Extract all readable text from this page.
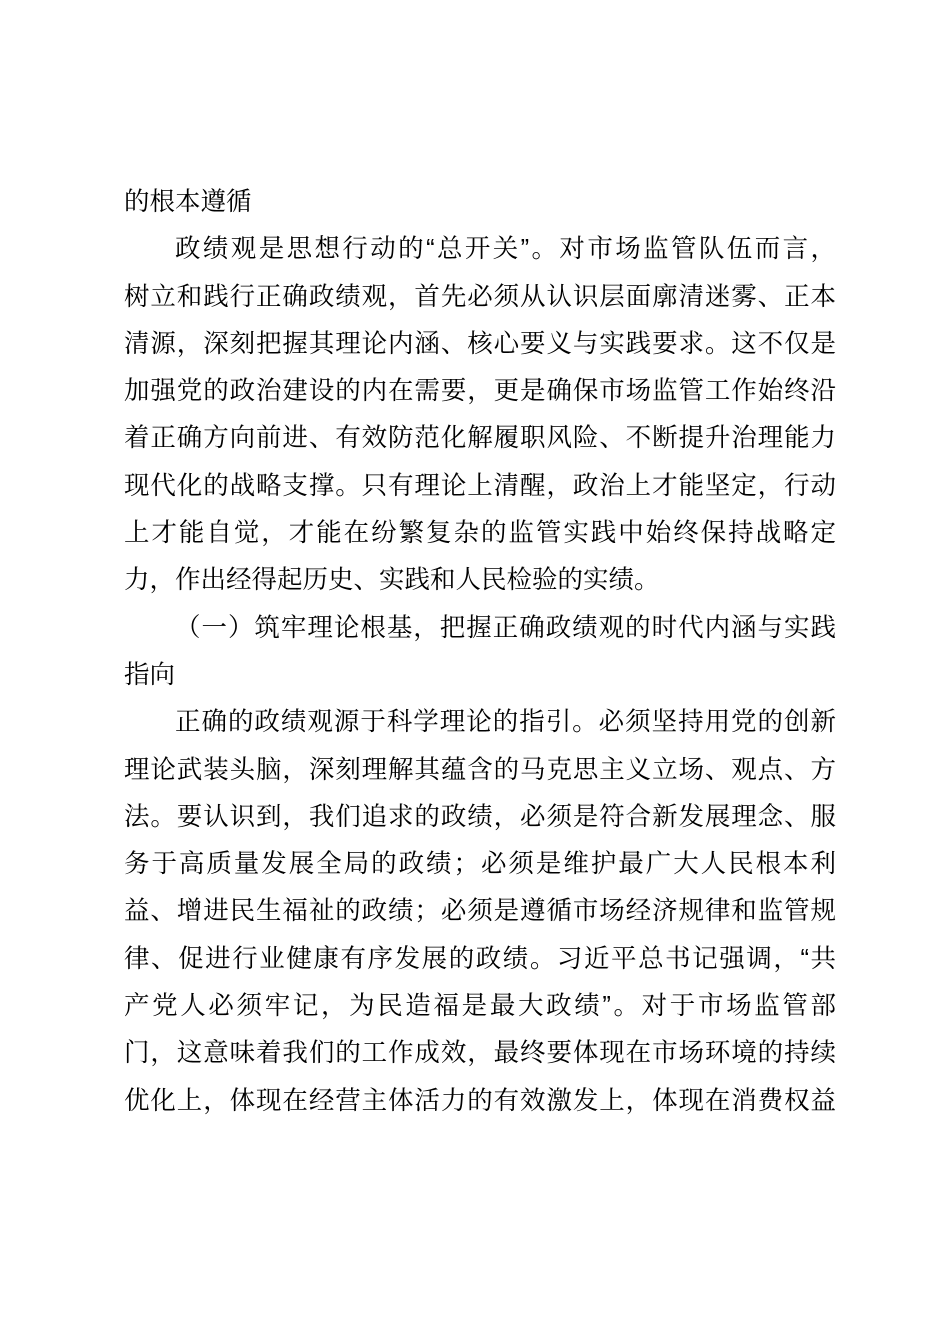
的根本遵循
政绩观是思想行动的“总开关”。对市场监管队伍而言，
树立和践行正确政绩观，首先必须从认识层面廓清迷雾、正本
清源，深刻把握其理论内涵、核心要义与实践要求。这不仅是
加强党的政治建设的内在需要，更是确保市场监管工作始终沿
着正确方向前进、有效防范化解履职风险、不断提升治理能力
现代化的战略支撑。只有理论上清醒，政治上才能坚定，行动
上才能自觉，才能在纷繁复杂的监管实践中始终保持战略定
力，作出经得起历史、实践和人民检验的实绩。
（一）筑牢理论根基，把握正确政绩观的时代内涵与实践
指向
正确的政绩观源于科学理论的指引。必须坚持用党的创新
理论武装头脑，深刻理解其蕴含的马克思主义立场、观点、方
法。要认识到，我们追求的政绩，必须是符合新发展理念、服
务于高质量发展全局的政绩；必须是维护最广大人民根本利
益、增进民生福祉的政绩；必须是遵循市场经济规律和监管规
律、促进行业健康有序发展的政绩。习近平总书记强调，“共
产党人必须牢记，为民造福是最大政绩”。对于市场监管部
门，这意味着我们的工作成效，最终要体现在市场环境的持续
优化上，体现在经营主体活力的有效激发上，体现在消费权益
